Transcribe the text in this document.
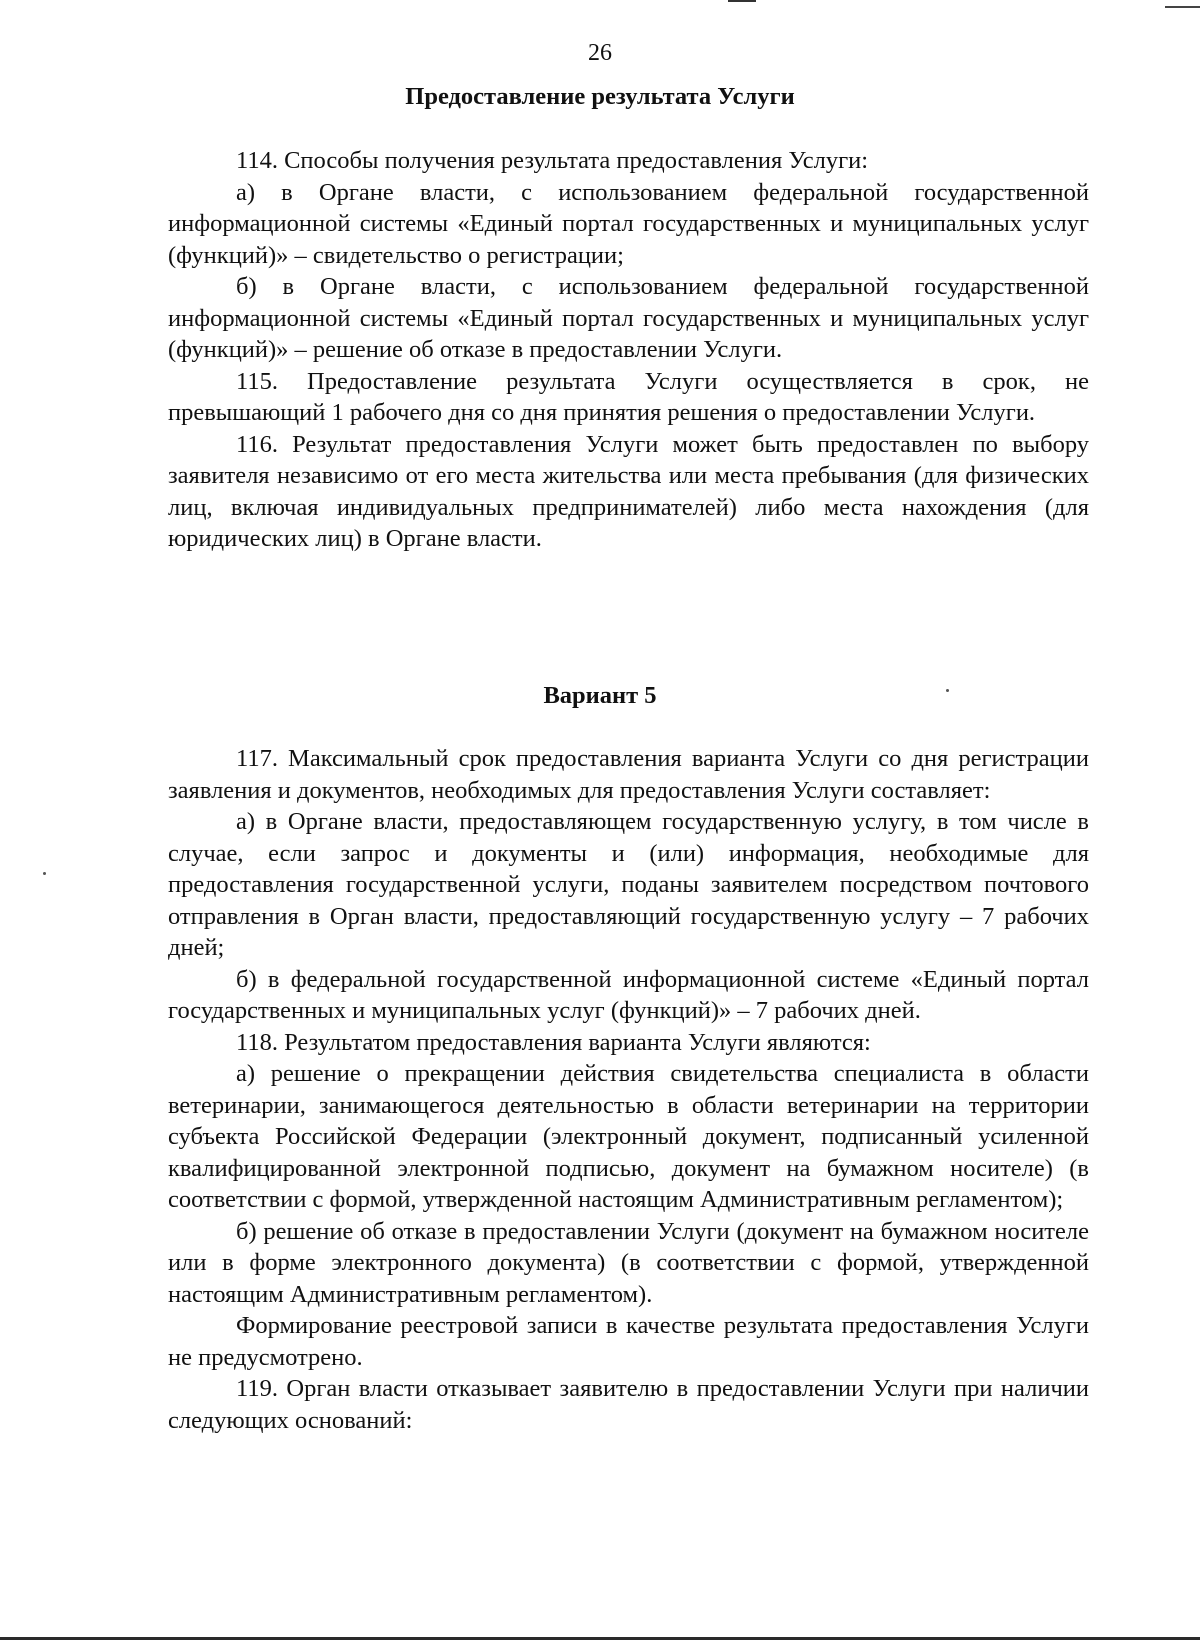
26
Предоставление результата Услуги

114. Способы получения результата предоставления Услуги:

а) в Органе власти, с использованием федеральной государственной информационной системы «Единый портал государственных и муниципальных услуг (функций)» – свидетельство о регистрации;

б) в Органе власти, с использованием федеральной государственной информационной системы «Единый портал государственных и муниципальных услуг (функций)» – решение об отказе в предоставлении Услуги.

115. Предоставление результата Услуги осуществляется в срок, не превышающий 1 рабочего дня со дня принятия решения о предоставлении Услуги.

116. Результат предоставления Услуги может быть предоставлен по выбору заявителя независимо от его места жительства или места пребывания (для физических лиц, включая индивидуальных предпринимателей) либо места нахождения (для юридических лиц) в Органе власти.

Вариант 5

117. Максимальный срок предоставления варианта Услуги со дня регистрации заявления и документов, необходимых для предоставления Услуги составляет:

а) в Органе власти, предоставляющем государственную услугу, в том числе в случае, если запрос и документы и (или) информация, необходимые для предоставления государственной услуги, поданы заявителем посредством почтового отправления в Орган власти, предоставляющий государственную услугу – 7 рабочих дней;

б) в федеральной государственной информационной системе «Единый портал государственных и муниципальных услуг (функций)» – 7 рабочих дней.

118. Результатом предоставления варианта Услуги являются:

а) решение о прекращении действия свидетельства специалиста в области ветеринарии, занимающегося деятельностью в области ветеринарии на территории субъекта Российской Федерации (электронный документ, подписанный усиленной квалифицированной электронной подписью, документ на бумажном носителе) (в соответствии с формой, утвержденной настоящим Административным регламентом);

б) решение об отказе в предоставлении Услуги (документ на бумажном носителе или в форме электронного документа) (в соответствии с формой, утвержденной настоящим Административным регламентом).

Формирование реестровой записи в качестве результата предоставления Услуги не предусмотрено.

119. Орган власти отказывает заявителю в предоставлении Услуги при наличии следующих оснований:
